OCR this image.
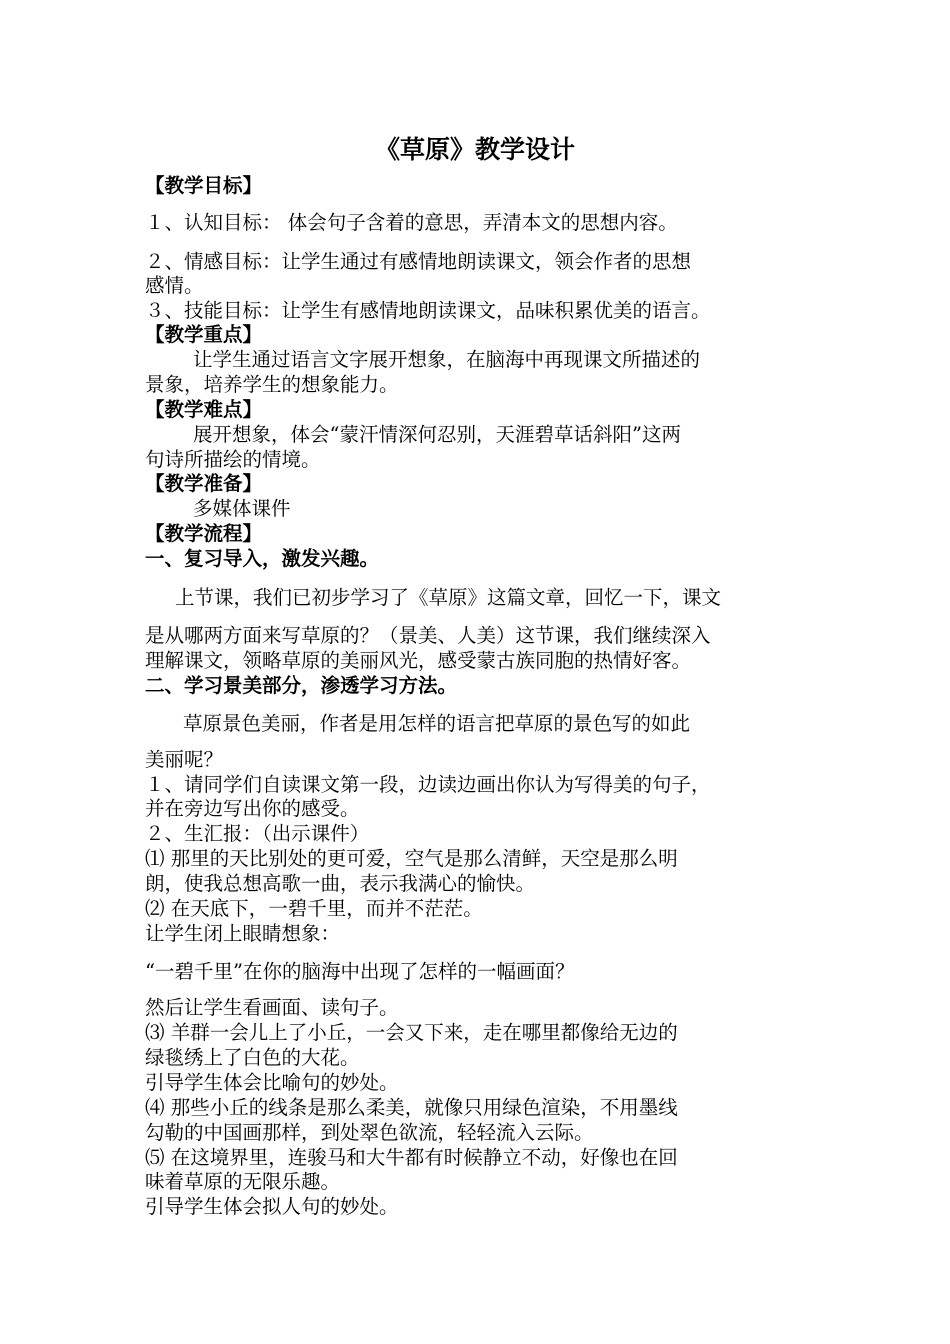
《草原》教学设计
【教学目标】
１、认知目标： 体会句子含着的意思，弄清本文的思想内容。
２、情感目标：让学生通过有感情地朗读课文，领会作者的思想
感情。
３、技能目标：让学生有感情地朗读课文，品味积累优美的语言。
【教学重点】
让学生通过语言文字展开想象，在脑海中再现课文所描述的
景象，培养学生的想象能力。
【教学难点】
展开想象，体会“蒙汗情深何忍别，天涯碧草话斜阳”这两
句诗所描绘的情境。
【教学准备】
多媒体课件
【教学流程】
一、复习导入，激发兴趣。
上节课，我们已初步学习了《草原》这篇文章，回忆一下，课文
是从哪两方面来写草原的？（景美、人美）这节课，我们继续深入
理解课文，领略草原的美丽风光，感受蒙古族同胞的热情好客。
二、学习景美部分，渗透学习方法。
草原景色美丽，作者是用怎样的语言把草原的景色写的如此
美丽呢？
１、请同学们自读课文第一段，边读边画出你认为写得美的句子，
并在旁边写出你的感受。
２、生汇报：（出示课件）
⑴ 那里的天比别处的更可爱，空气是那么清鲜，天空是那么明
朗，使我总想高歌一曲，表示我满心的愉快。
⑵ 在天底下，一碧千里，而并不茫茫。
让学生闭上眼睛想象：
“一碧千里”在你的脑海中出现了怎样的一幅画面？
然后让学生看画面、读句子。
⑶ 羊群一会儿上了小丘，一会又下来，走在哪里都像给无边的
绿毯绣上了白色的大花。
引导学生体会比喻句的妙处。
⑷ 那些小丘的线条是那么柔美，就像只用绿色渲染，不用墨线
勾勒的中国画那样，到处翠色欲流，轻轻流入云际。
⑸ 在这境界里，连骏马和大牛都有时候静立不动，好像也在回
味着草原的无限乐趣。
引导学生体会拟人句的妙处。
